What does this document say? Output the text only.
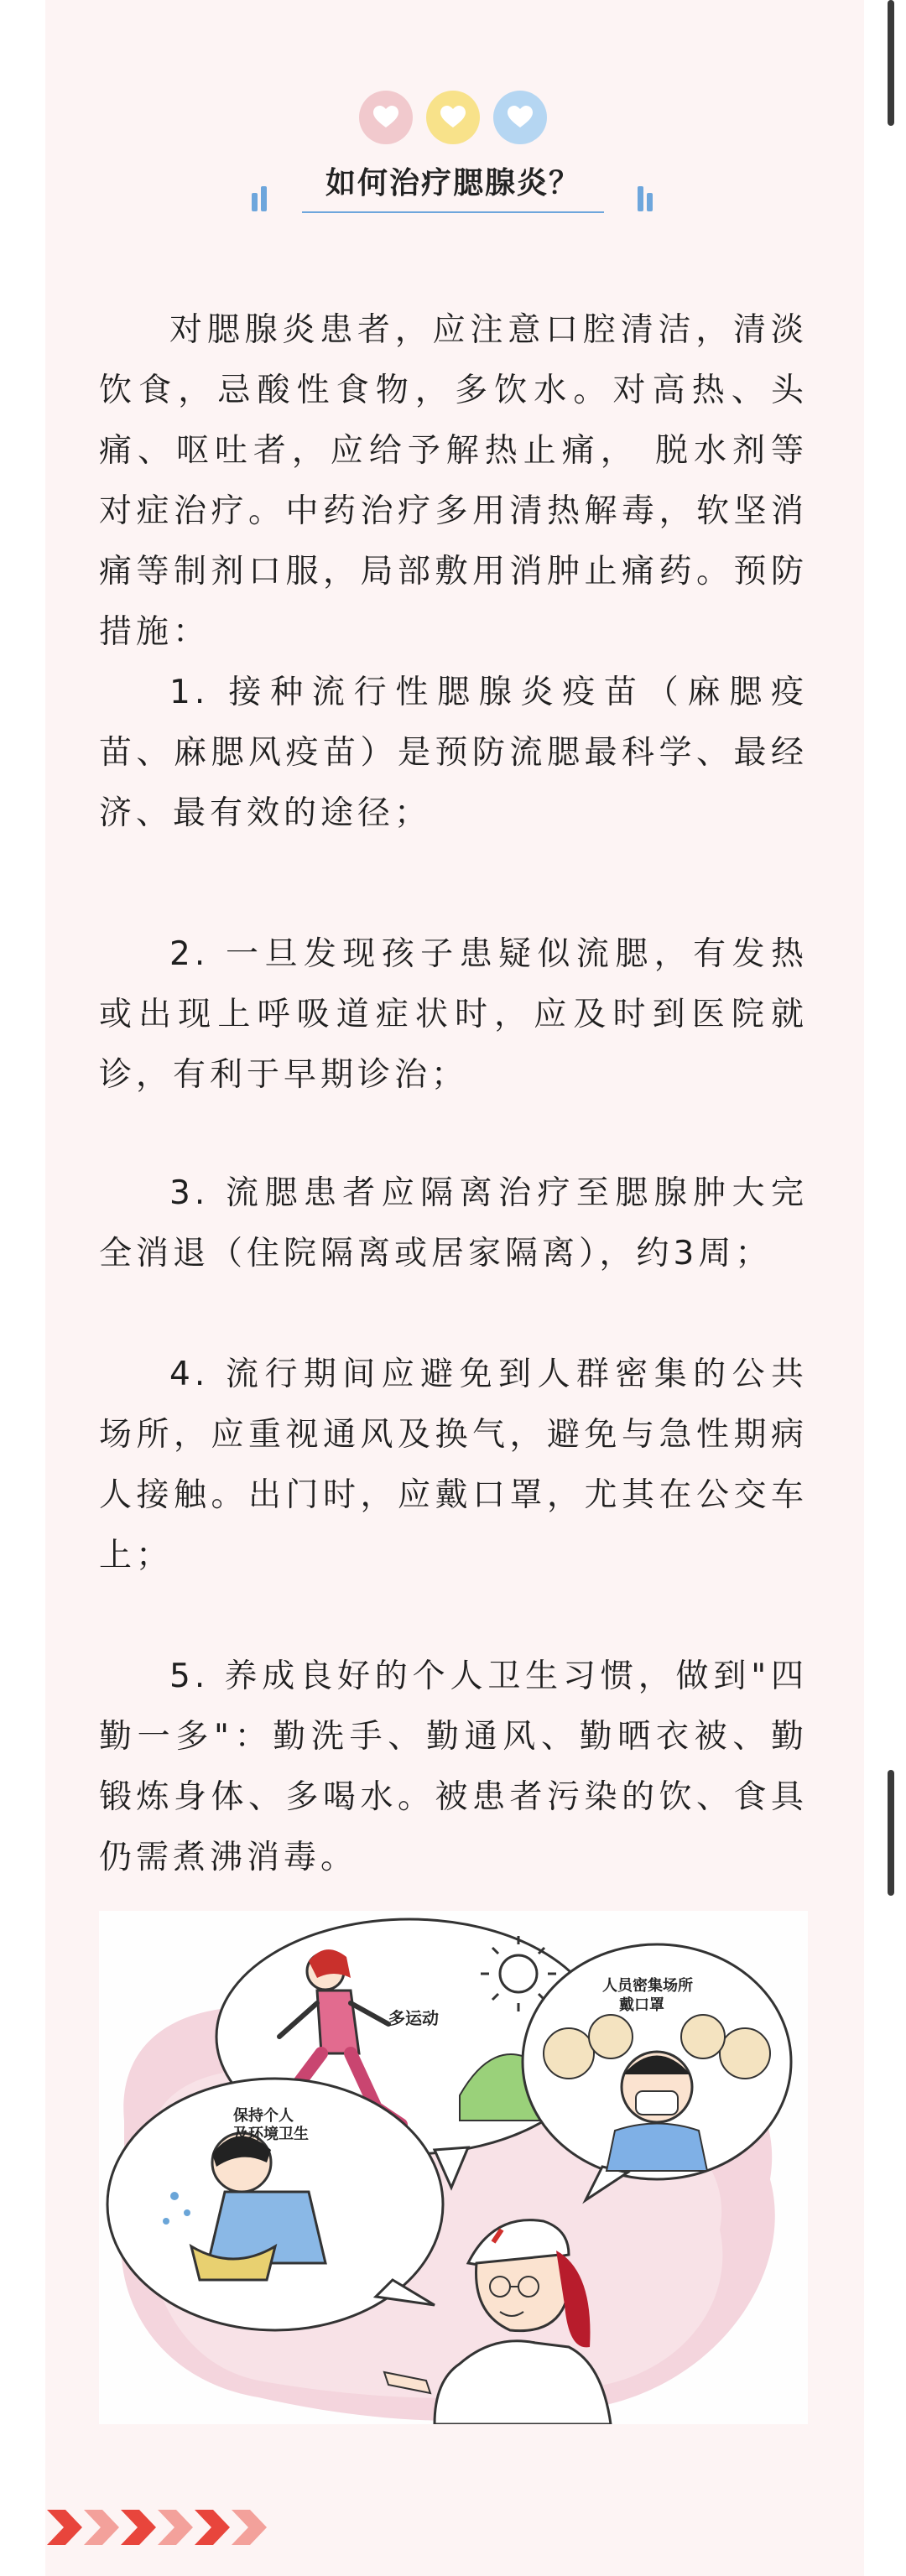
如何治疗腮腺炎？

对腮腺炎患者，应注意口腔清洁，清淡饮食，忌酸性食物，多饮水。对高热、头痛、呕吐者，应给予解热止痛， 脱水剂等对症治疗。中药治疗多用清热解毒，软坚消痛等制剂口服，局部敷用消肿止痛药。预防措施：

1. 接种流行性腮腺炎疫苗（麻腮疫苗、麻腮风疫苗）是预防流腮最科学、最经济、最有效的途径；

2. 一旦发现孩子患疑似流腮，有发热或出现上呼吸道症状时，应及时到医院就诊，有利于早期诊治；

3. 流腮患者应隔离治疗至腮腺肿大完全消退（住院隔离或居家隔离），约3周；

4. 流行期间应避免到人群密集的公共场所，应重视通风及换气，避免与急性期病人接触。出门时，应戴口罩，尤其在公交车上；

5. 养成良好的个人卫生习惯，做到"四勤一多"：勤洗手、勤通风、勤晒衣被、勤锻炼身体、多喝水。被患者污染的饮、食具仍需煮沸消毒。

多运动
人员密集场所
戴口罩
保持个人
及环境卫生
